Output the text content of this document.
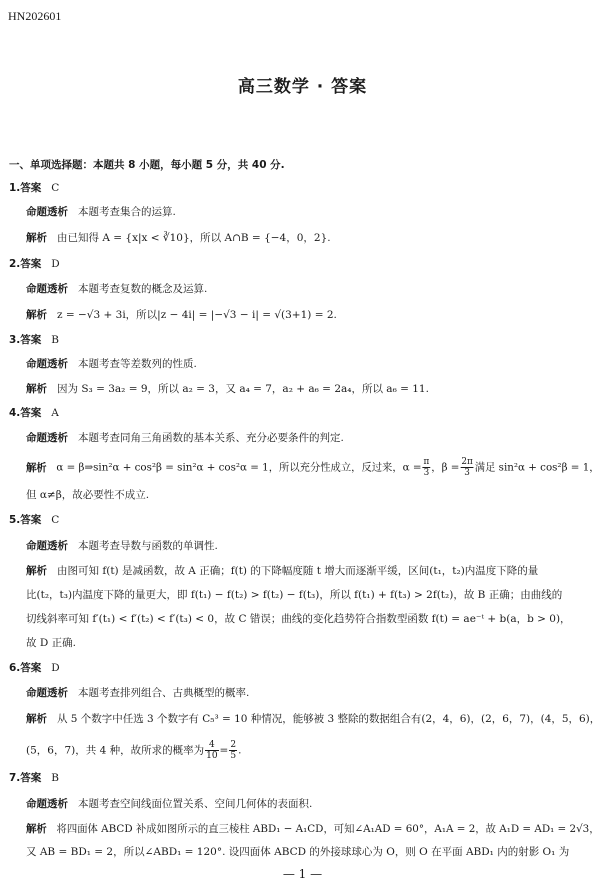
HN202601
高三数学 · 答案
一、单项选择题：本题共 8 小题，每小题 5 分，共 40 分.
1.答案 C
命题透析 本题考查集合的运算.
解析 由已知得 A = {x|x < ∛10}，所以 A∩B = {−4，0，2}.
2.答案 D
命题透析 本题考查复数的概念及运算.
解析 z = −√3 + 3i，所以|z − 4i| = |−√3 − i| = √(3+1) = 2.
3.答案 B
命题透析 本题考查等差数列的性质.
解析 因为 S₃ = 3a₂ = 9，所以 a₂ = 3，又 a₄ = 7，a₂ + a₆ = 2a₄，所以 a₆ = 11.
4.答案 A
命题透析 本题考查同角三角函数的基本关系、充分必要条件的判定.
解析 α = β⇒sin²α + cos²β = sin²α + cos²α = 1，所以充分性成立，反过来，$\alpha = \frac{\pi}{3}$ ，$\beta = \frac{2\pi}{3}$ 满足 sin²α + cos²β = 1，
但 α≠β，故必要性不成立.
5.答案 C
命题透析 本题考查导数与函数的单调性.
解析 由图可知 f(t) 是减函数，故 A 正确；f(t) 的下降幅度随 t 增大而逐渐平缓，区间(t₁，t₂)内温度下降的量
比(t₂，t₃)内温度下降的量更大，即 f(t₁) − f(t₂) > f(t₂) − f(t₃)，所以 f(t₁) + f(t₃) > 2f(t₂)，故 B 正确；由曲线的
切线斜率可知 f′(t₁) < f′(t₂) < f′(t₃) < 0，故 C 错误；曲线的变化趋势符合指数型函数 f(t) = ae⁻ᵗ + b(a，b > 0)，
故 D 正确.
6.答案 D
命题透析 本题考查排列组合、古典概型的概率.
解析 从 5 个数字中任选 3 个数字有 C₅³ = 10 种情况，能够被 3 整除的数据组合有(2，4，6)，(2，6，7)，(4，5，6)，
(5，6，7)，共 4 种，故所求的概率为 $\frac{4}{10} = \frac{2}{5}$ .
7.答案 B
命题透析 本题考查空间线面位置关系、空间几何体的表面积.
解析 将四面体 ABCD 补成如图所示的直三棱柱 ABD₁ − A₁CD，可知∠A₁AD = 60°，A₁A = 2，故 A₁D = AD₁ = 2√3，
又 AB = BD₁ = 2，所以∠ABD₁ = 120°. 设四面体 ABCD 的外接球球心为 O，则 O 在平面 ABD₁ 内的射影 O₁ 为
— 1 —
